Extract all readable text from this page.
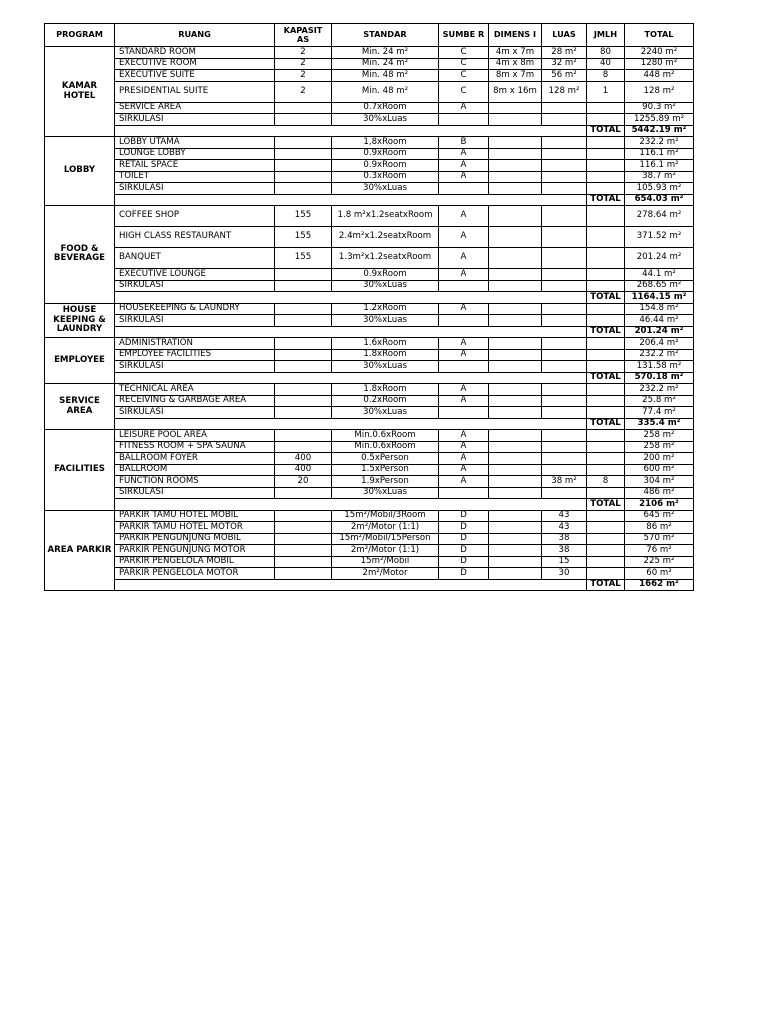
PROGRAM	RUANG	KAPASIT AS	STANDAR	SUMBE R	DIMENS I	LUAS	JMLH	TOTAL
KAMAR HOTEL	STANDARD ROOM	2	Min. 24 m²	C	4m x 7m	28 m²	80	2240 m²
	EXECUTIVE ROOM	2	Min. 24 m²	C	4m x 8m	32 m²	40	1280 m²
	EXECUTIVE SUITE	2	Min. 48 m²	C	8m x 7m	56 m²	8	448 m²
	PRESIDENTIAL SUITE	2	Min. 48 m²	C	8m x 16m	128 m²	1	128 m²
	SERVICE AREA		0.7xRoom	A				90.3 m²
	SIRKULASI		30%xLuas					1255.89 m²
							TOTAL	5442.19 m²
LOBBY	LOBBY UTAMA		1,8xRoom	B				232.2 m²
	LOUNGE LOBBY		0.9xRoom	A				116.1 m²
	RETAIL SPACE		0.9xRoom	A				116.1 m²
	TOILET		0.3xRoom	A				38.7 m²
	SIRKULASI		30%xLuas					105.93 m²
							TOTAL	654.03 m²
FOOD & BEVERAGE	COFFEE SHOP	155	1.8 m²x1.2seatxRoom	A				278.64 m²
	HIGH CLASS RESTAURANT	155	2.4m²x1.2seatxRoom	A				371.52 m²
	BANQUET	155	1.3m²x1.2seatxRoom	A				201.24 m²
	EXECUTIVE LOUNGE		0.9xRoom	A				44.1 m²
	SIRKULASI		30%xLuas					268.65 m²
							TOTAL	1164.15 m²
HOUSE KEEPING & LAUNDRY	HOUSEKEEPING & LAUNDRY		1.2xRoom	A				154.8 m²
	SIRKULASI		30%xLuas					46.44 m²
							TOTAL	201.24 m²
EMPLOYEE	ADMINISTRATION		1.6xRoom	A				206.4 m²
	EMPLOYEE FACILITIES		1.8xRoom	A				232.2 m²
	SIRKULASI		30%xLuas					131.58 m²
							TOTAL	570.18 m²
SERVICE AREA	TECHNICAL AREA		1.8xRoom	A				232.2 m²
	RECEIVING & GARBAGE AREA		0.2xRoom	A				25.8 m²
	SIRKULASI		30%xLuas					77.4 m²
							TOTAL	335.4 m²
FACILITIES	LEISURE POOL AREA		Min.0.6xRoom	A				258 m²
	FITNESS ROOM + SPA SAUNA		Min.0.6xRoom	A				258 m²
	BALLROOM FOYER	400	0.5xPerson	A				200 m²
	BALLROOM	400	1.5xPerson	A				600 m²
	FUNCTION ROOMS	20	1.9xPerson	A		38 m²	8	304 m²
	SIRKULASI		30%xLuas					486 m²
							TOTAL	2106 m²
AREA PARKIR	PARKIR TAMU HOTEL MOBIL		15m²/Mobil/3Room	D		43		645 m²
	PARKIR TAMU HOTEL MOTOR		2m²/Motor (1:1)	D		43		86 m²
	PARKIR PENGUNJUNG MOBIL		15m²/Mobil/15Person	D		38		570 m²
	PARKIR PENGUNJUNG MOTOR		2m²/Motor (1:1)	D		38		76 m²
	PARKIR PENGELOLA MOBIL		15m²/Mobil	D		15		225 m²
	PARKIR PENGELOLA MOTOR		2m²/Motor	D		30		60 m²
							TOTAL	1662 m²
